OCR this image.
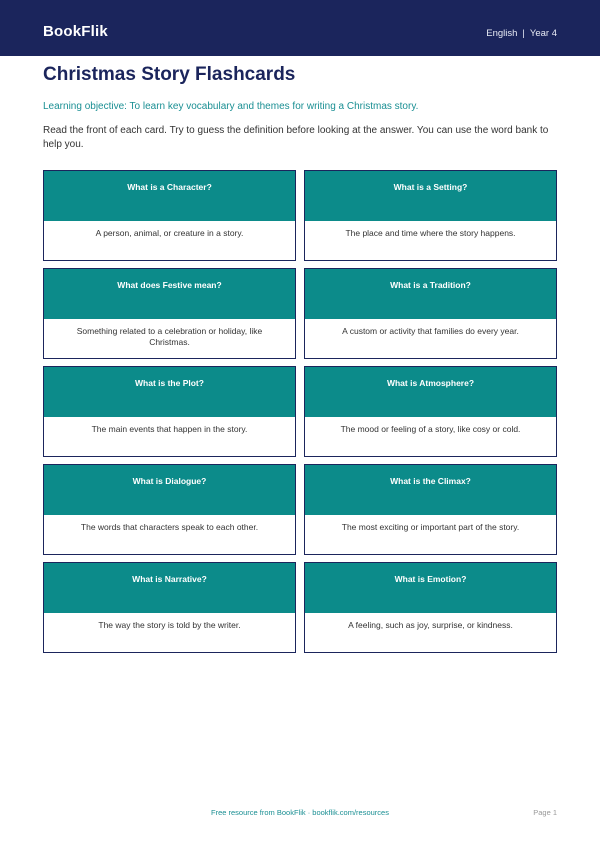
BookFlik	English | Year 4
Christmas Story Flashcards
Learning objective: To learn key vocabulary and themes for writing a Christmas story.
Read the front of each card. Try to guess the definition before looking at the answer. You can use the word bank to help you.
What is a Character?
A person, animal, or creature in a story.
What is a Setting?
The place and time where the story happens.
What does Festive mean?
Something related to a celebration or holiday, like Christmas.
What is a Tradition?
A custom or activity that families do every year.
What is the Plot?
The main events that happen in the story.
What is Atmosphere?
The mood or feeling of a story, like cosy or cold.
What is Dialogue?
The words that characters speak to each other.
What is the Climax?
The most exciting or important part of the story.
What is Narrative?
The way the story is told by the writer.
What is Emotion?
A feeling, such as joy, surprise, or kindness.
Free resource from BookFlik · bookflik.com/resources	Page 1
